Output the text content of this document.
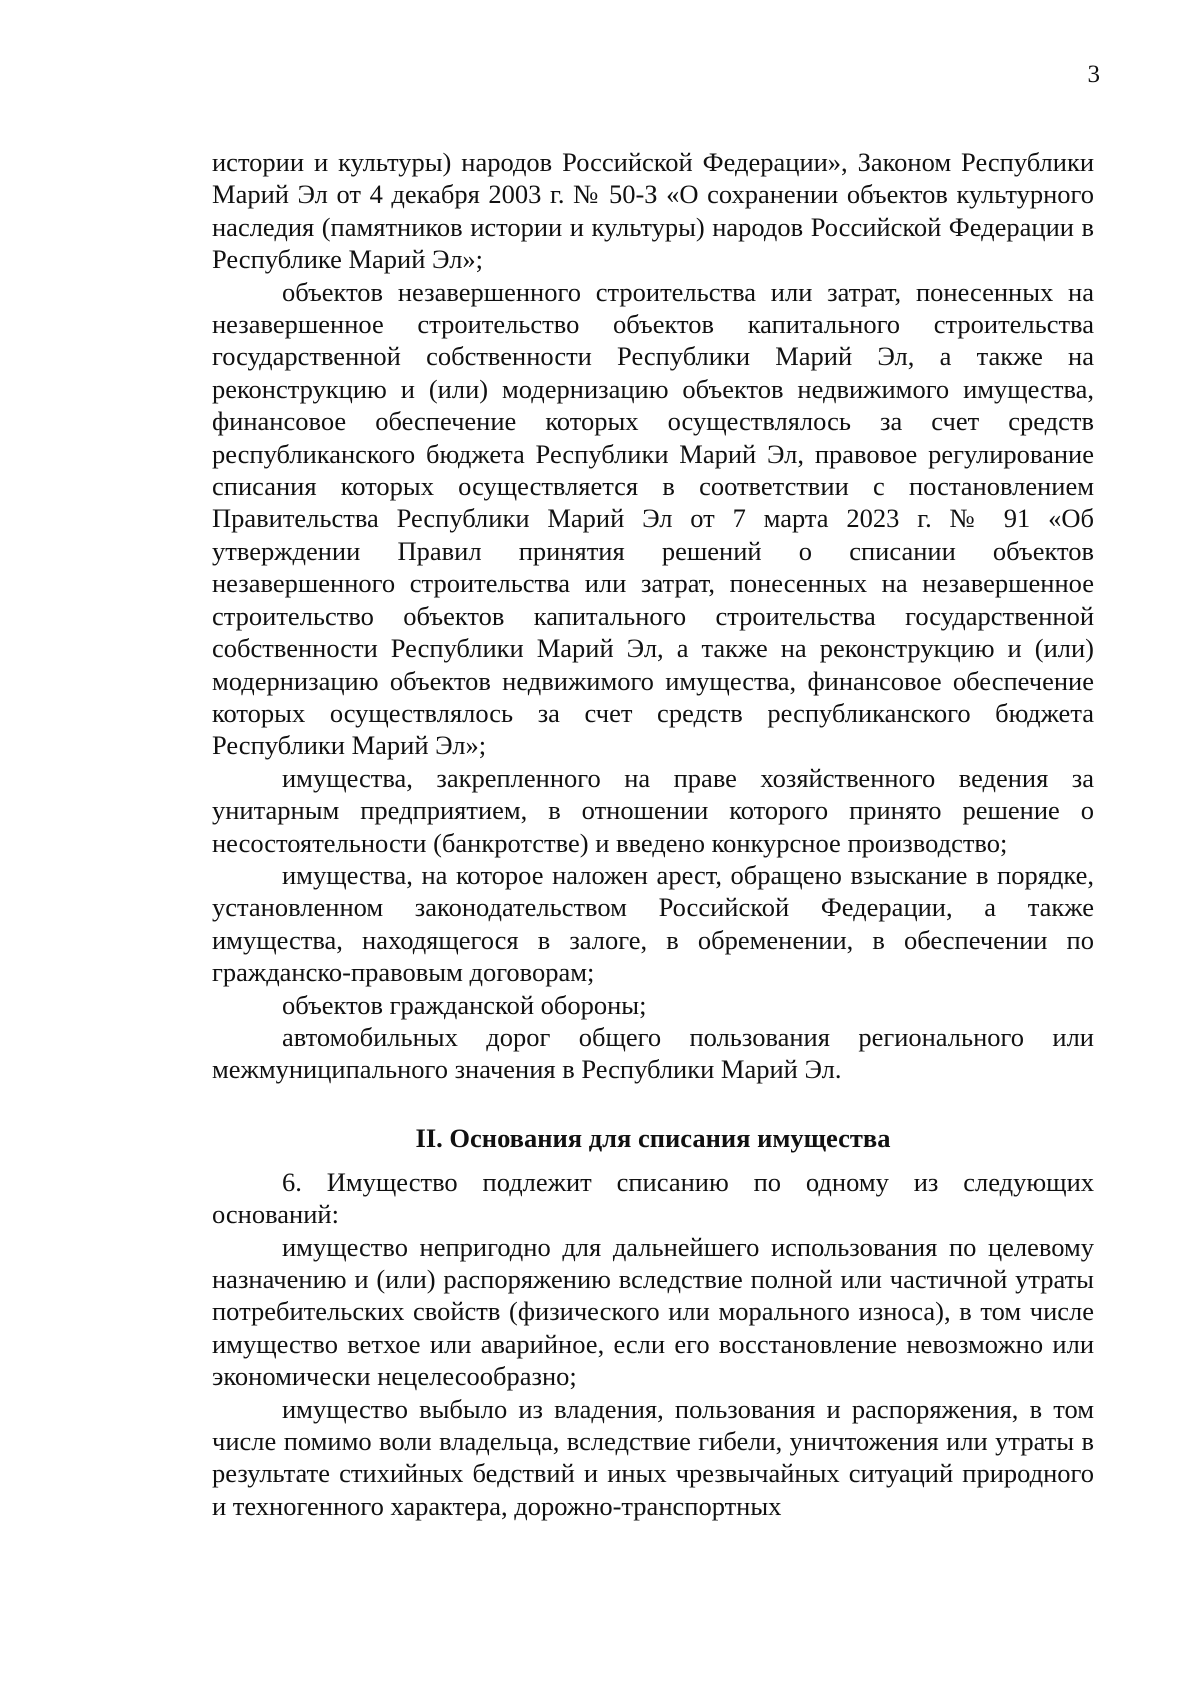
3

истории и культуры) народов Российской Федерации», Законом Республики Марий Эл от 4 декабря 2003 г. № 50-З «О сохранении объектов культурного наследия (памятников истории и культуры) народов Российской Федерации в Республике Марий Эл»;

объектов незавершенного строительства или затрат, понесенных на незавершенное строительство объектов капитального строительства государственной собственности Республики Марий Эл, а также на реконструкцию и (или) модернизацию объектов недвижимого имущества, финансовое обеспечение которых осуществлялось за счет средств республиканского бюджета Республики Марий Эл, правовое регулирование списания которых осуществляется в соответствии с постановлением Правительства Республики Марий Эл от 7 марта 2023 г. № 91 «Об утверждении Правил принятия решений о списании объектов незавершенного строительства или затрат, понесенных на незавершенное строительство объектов капитального строительства государственной собственности Республики Марий Эл, а также на реконструкцию и (или) модернизацию объектов недвижимого имущества, финансовое обеспечение которых осуществлялось за счет средств республиканского бюджета Республики Марий Эл»;

имущества, закрепленного на праве хозяйственного ведения за унитарным предприятием, в отношении которого принято решение о несостоятельности (банкротстве) и введено конкурсное производство;

имущества, на которое наложен арест, обращено взыскание в порядке, установленном законодательством Российской Федерации, а также имущества, находящегося в залоге, в обременении, в обеспечении по гражданско-правовым договорам;

объектов гражданской обороны;

автомобильных дорог общего пользования регионального или межмуниципального значения в Республики Марий Эл.

II. Основания для списания имущества

6. Имущество подлежит списанию по одному из следующих оснований:

имущество непригодно для дальнейшего использования по целевому назначению и (или) распоряжению вследствие полной или частичной утраты потребительских свойств (физического или морального износа), в том числе имущество ветхое или аварийное, если его восстановление невозможно или экономически нецелесообразно;

имущество выбыло из владения, пользования и распоряжения, в том числе помимо воли владельца, вследствие гибели, уничтожения или утраты в результате стихийных бедствий и иных чрезвычайных ситуаций природного и техногенного характера, дорожно-транспортных
